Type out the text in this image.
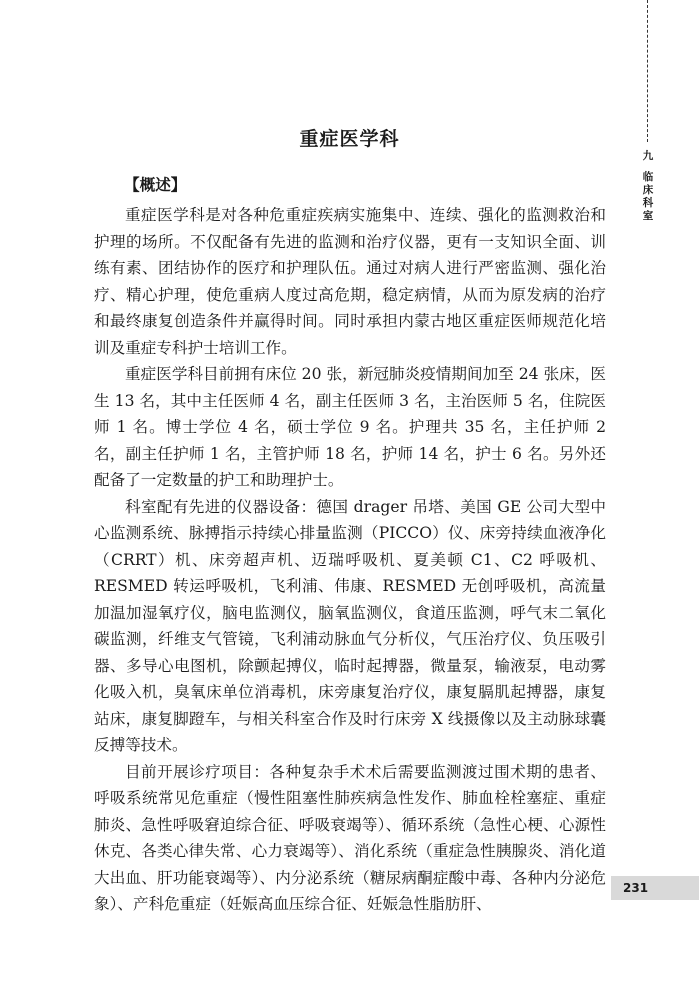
九
临
床
科
室
重症医学科
【概述】

重症医学科是对各种危重症疾病实施集中、连续、强化的监测救治和护理的场所。不仅配备有先进的监测和治疗仪器，更有一支知识全面、训练有素、团结协作的医疗和护理队伍。通过对病人进行严密监测、强化治疗、精心护理，使危重病人度过高危期，稳定病情，从而为原发病的治疗和最终康复创造条件并赢得时间。同时承担内蒙古地区重症医师规范化培训及重症专科护士培训工作。

重症医学科目前拥有床位 20 张，新冠肺炎疫情期间加至 24 张床，医生 13 名，其中主任医师 4 名，副主任医师 3 名，主治医师 5 名，住院医师 1 名。博士学位 4 名，硕士学位 9 名。护理共 35 名，主任护师 2 名，副主任护师 1 名，主管护师 18 名，护师 14 名，护士 6 名。另外还配备了一定数量的护工和助理护士。

科室配有先进的仪器设备：德国 drager 吊塔、美国 GE 公司大型中心监测系统、脉搏指示持续心排量监测（PICCO）仪、床旁持续血液净化（CRRT）机、床旁超声机、迈瑞呼吸机、夏美顿 C1、C2 呼吸机、RESMED 转运呼吸机，飞利浦、伟康、RESMED 无创呼吸机，高流量加温加湿氧疗仪，脑电监测仪，脑氧监测仪，食道压监测，呼气末二氧化碳监测，纤维支气管镜，飞利浦动脉血气分析仪，气压治疗仪、负压吸引器、多导心电图机，除颤起搏仪，临时起搏器，微量泵，输液泵，电动雾化吸入机，臭氧床单位消毒机，床旁康复治疗仪，康复膈肌起搏器，康复站床，康复脚蹬车，与相关科室合作及时行床旁 X 线摄像以及主动脉球囊反搏等技术。

目前开展诊疗项目：各种复杂手术术后需要监测渡过围术期的患者、呼吸系统常见危重症（慢性阻塞性肺疾病急性发作、肺血栓栓塞症、重症肺炎、急性呼吸窘迫综合征、呼吸衰竭等）、循环系统（急性心梗、心源性休克、各类心律失常、心力衰竭等）、消化系统（重症急性胰腺炎、消化道大出血、肝功能衰竭等）、内分泌系统（糖尿病酮症酸中毒、各种内分泌危象）、产科危重症（妊娠高血压综合征、妊娠急性脂肪肝、

231
